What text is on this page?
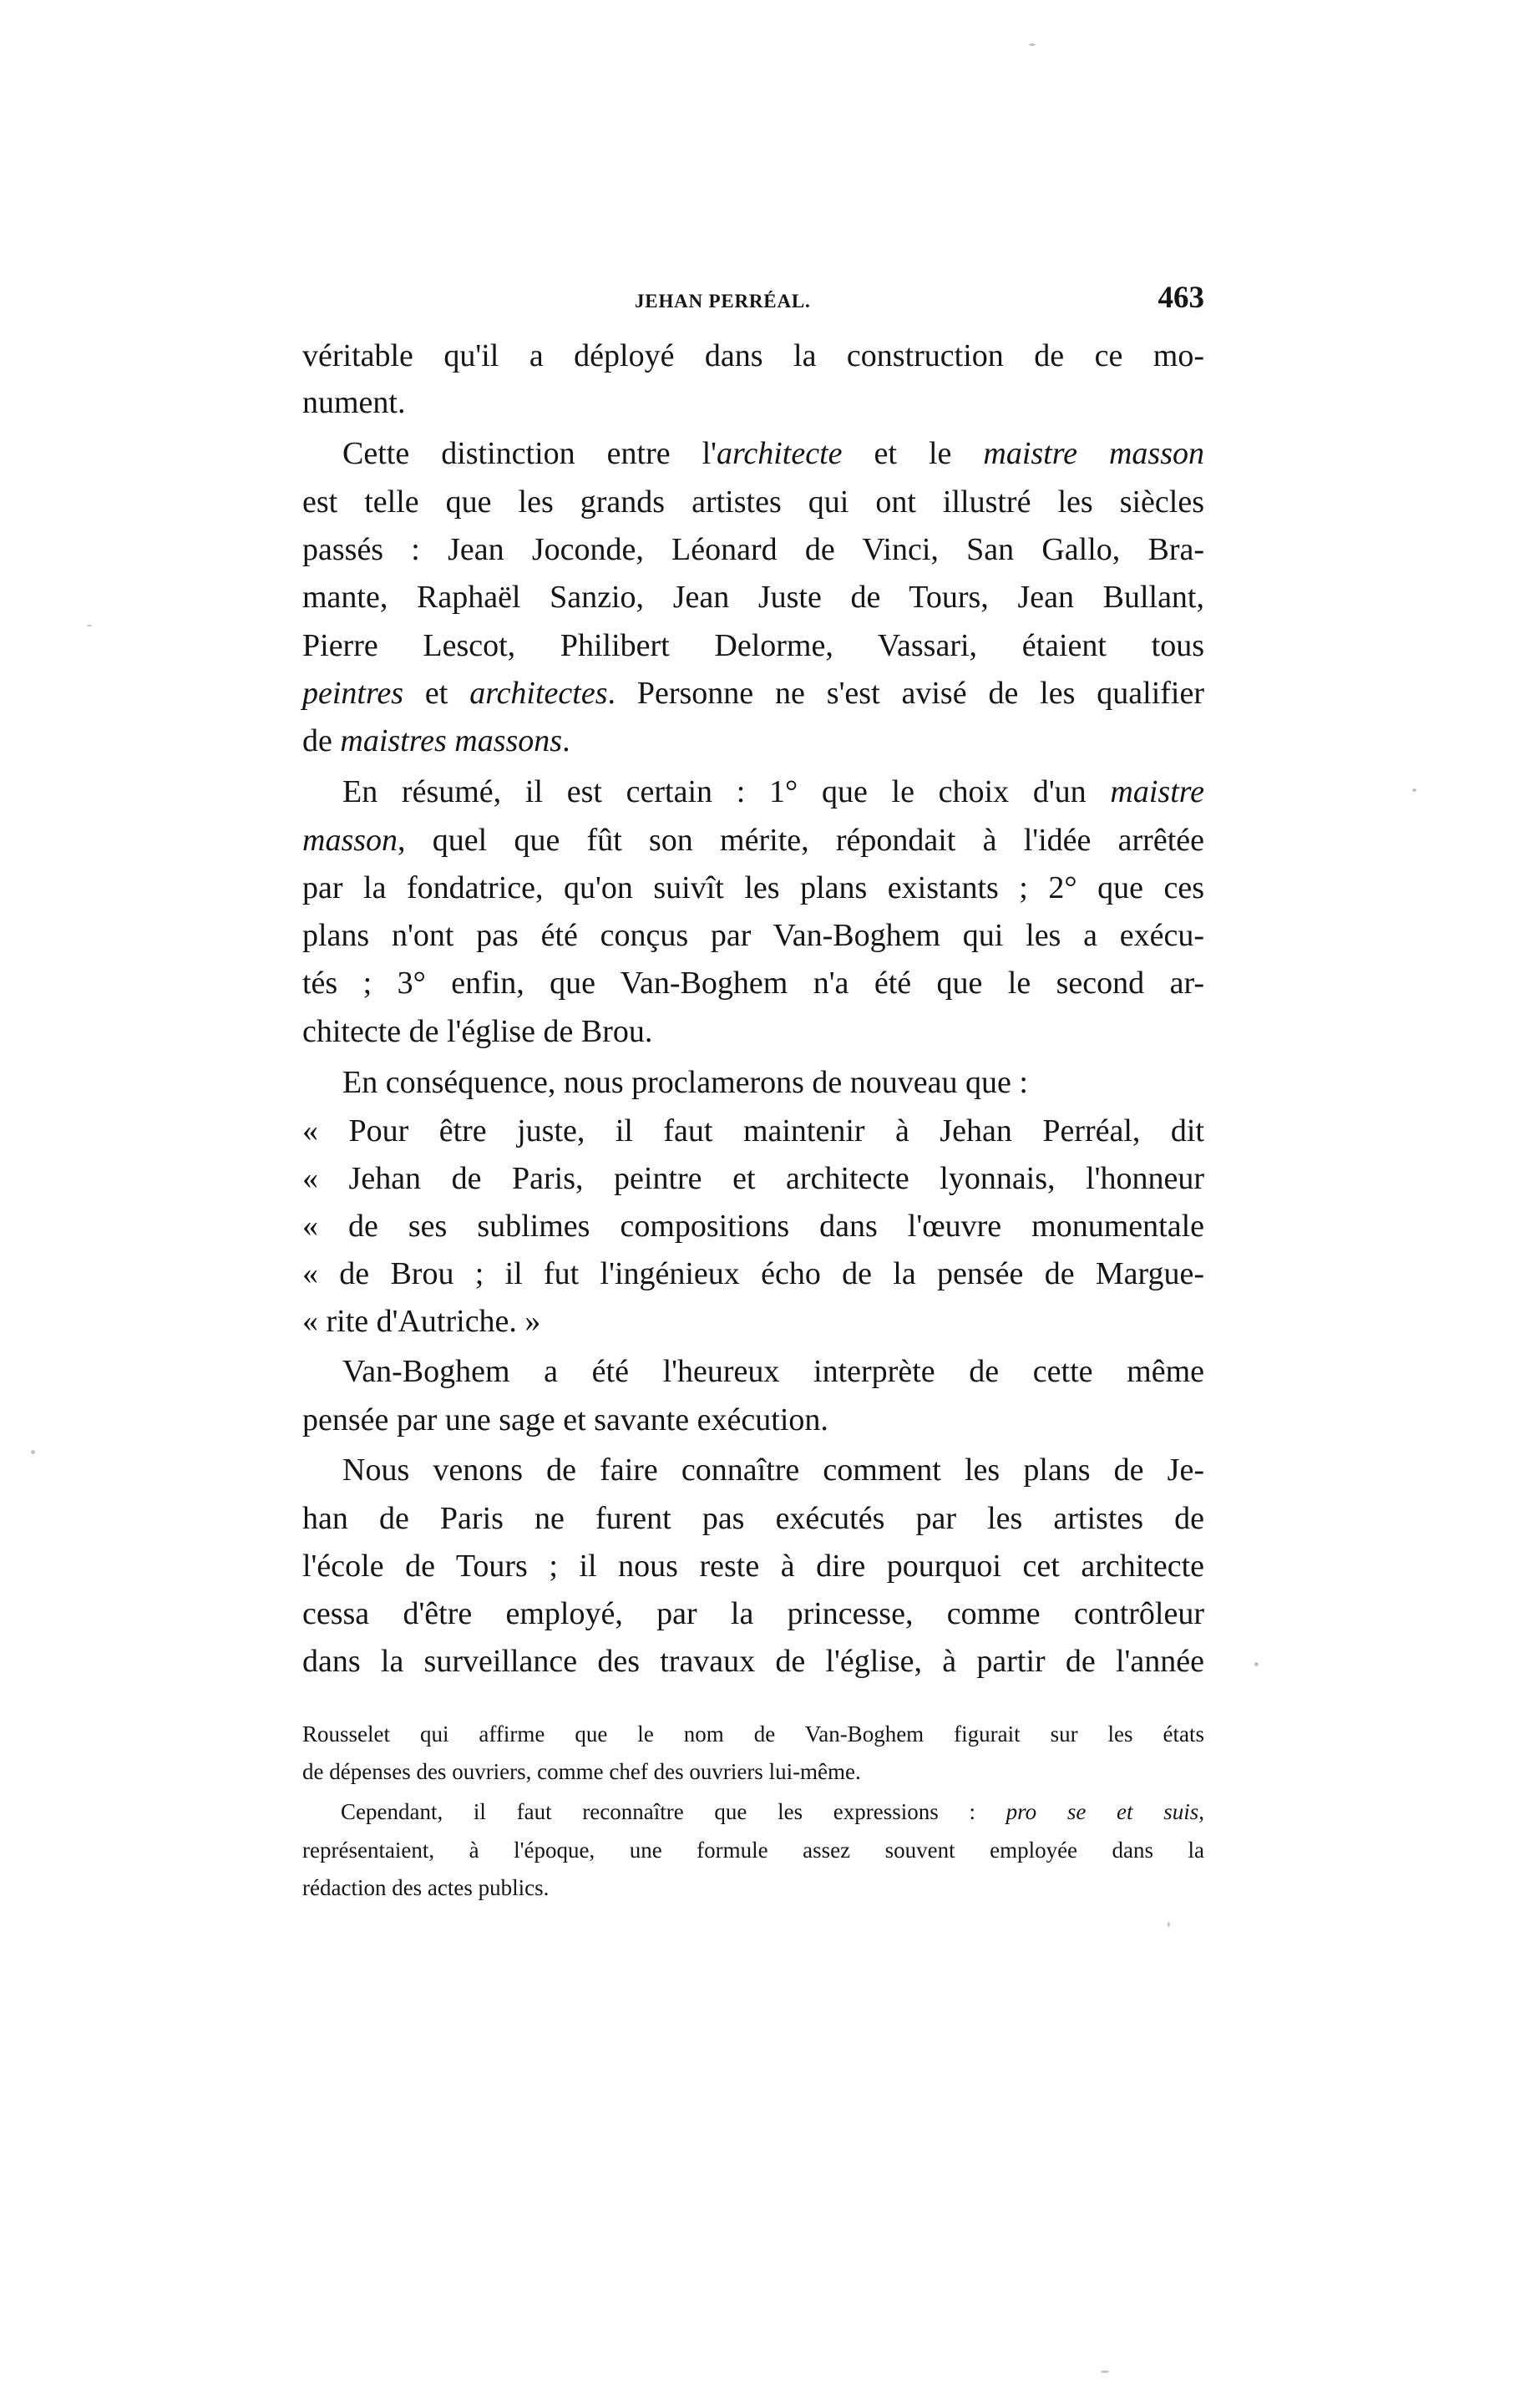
JEHAN PERRÉAL.	463
véritable qu'il a déployé dans la construction de ce mo-
nument.
Cette distinction entre l'architecte et le maistre masson
est telle que les grands artistes qui ont illustré les siècles
passés : Jean Joconde, Léonard de Vinci, San Gallo, Bra-
mante, Raphaël Sanzio, Jean Juste de Tours, Jean Bullant,
Pierre Lescot, Philibert Delorme, Vassari, étaient tous
peintres et architectes. Personne ne s'est avisé de les qualifier
de maistres massons.
En résumé, il est certain : 1° que le choix d'un maistre
masson, quel que fût son mérite, répondait à l'idée arrêtée
par la fondatrice, qu'on suivît les plans existants ; 2° que ces
plans n'ont pas été conçus par Van-Boghem qui les a exécu-
tés ; 3° enfin, que Van-Boghem n'a été que le second ar-
chitecte de l'église de Brou.
En conséquence, nous proclamerons de nouveau que :
« Pour être juste, il faut maintenir à Jehan Perréal, dit
« Jehan de Paris, peintre et architecte lyonnais, l'honneur
« de ses sublimes compositions dans l'œuvre monumentale
« de Brou ; il fut l'ingénieux écho de la pensée de Margue-
« rite d'Autriche. »
Van-Boghem a été l'heureux interprète de cette même
pensée par une sage et savante exécution.
Nous venons de faire connaître comment les plans de Je-
han de Paris ne furent pas exécutés par les artistes de
l'école de Tours ; il nous reste à dire pourquoi cet architecte
cessa d'être employé, par la princesse, comme contrôleur
dans la surveillance des travaux de l'église, à partir de l'année
Rousselet qui affirme que le nom de Van-Boghem figurait sur les états
de dépenses des ouvriers, comme chef des ouvriers lui-même.
Cependant, il faut reconnaître que les expressions : pro se et suis,
représentaient, à l'époque, une formule assez souvent employée dans la
rédaction des actes publics.
